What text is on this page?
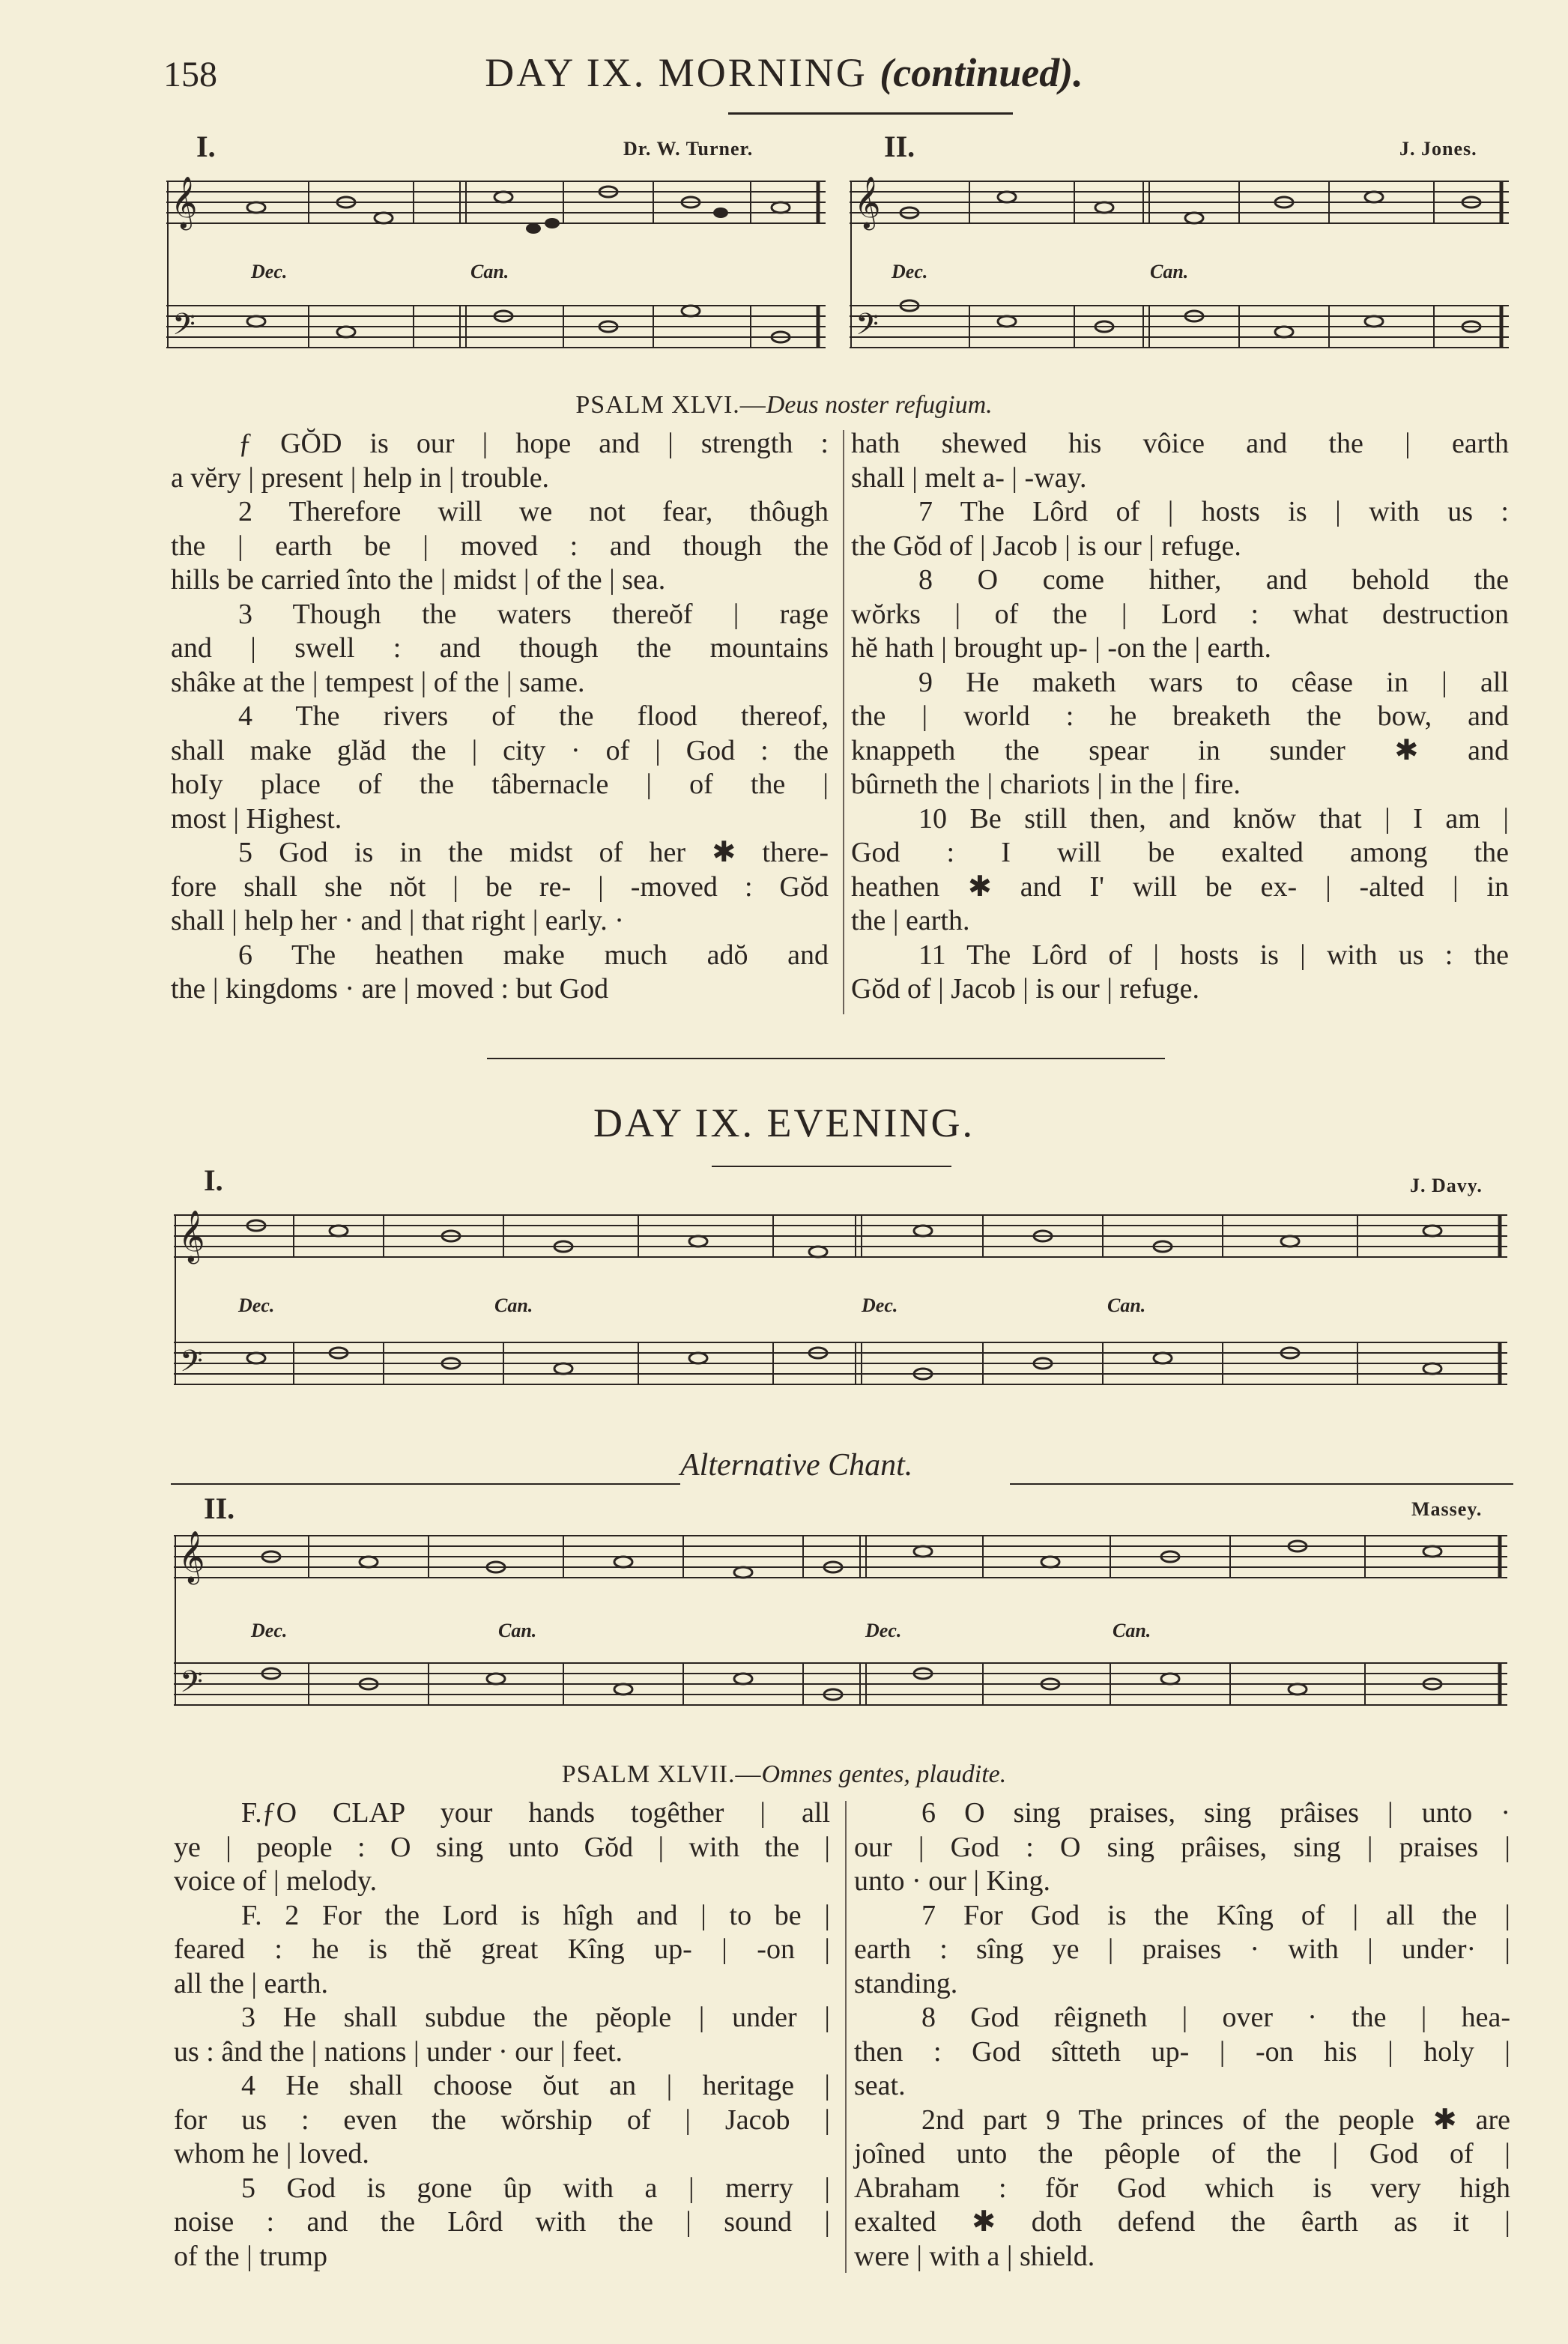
158	DAY IX. MORNING (continued).
I.	Dr. W. Turner.
Dec.	Can.
𝄞
𝄢
II.	J. Jones.
Dec.	Can.
𝄞
𝄢
PSALM XLVI.—Deus noster refugium.

ƒ GŎD is our | hope and | strength :

a vĕry | present | help in | trouble.

2 Therefore will we not fear, thôugh

the | earth be | moved : and though the

hills be carried înto the | midst | of the | sea.

3 Though the waters thereŏf | rage

and | swell : and though the mountains

shâke at the | tempest | of the | same.

4 The rivers of the flood thereof,

shall make glăd the | city · of | God : the

hoIy place of the tâbernacle | of the |

most | Highest.

5 God is in the midst of her ✱ there-

fore shall she nŏt | be re- | -moved : Gŏd

shall | help her · and | that right | early. ·

6 The heathen make much adŏ and

the | kingdoms · are | moved : but God

hath shewed his vôice and the | earth

shall | melt a- | -way.

7 The Lôrd of | hosts is | with us :

the Gŏd of | Jacob | is our | refuge.

8 O come hither, and behold the

wŏrks | of the | Lord : what destruction

hĕ hath | brought up- | -on the | earth.

9 He maketh wars to cêase in | all

the | world : he breaketh the bow, and

knappeth the spear in sunder ✱ and

bûrneth the | chariots | in the | fire.

10 Be still then, and knŏw that | I am |

God : I will be exalted among the

heathen ✱ and I' will be ex- | -alted | in

the | earth.

11 The Lôrd of | hosts is | with us : the

Gŏd of | Jacob | is our | refuge.

DAY IX. EVENING.
I.	J. Davy.
Dec.	Can.	Dec.	Can.
𝄞
𝄢
Alternative Chant.
II.	Massey.
Dec.	Can.	Dec.	Can.
𝄞
𝄢
PSALM XLVII.—Omnes gentes, plaudite.

F.ƒO CLAP your hands togêther | all

ye | people : O sing unto Gŏd | with the |

voice of | melody.

F. 2 For the Lord is hîgh and | to be |

feared : he is thĕ great Kîng up- | -on |

all the | earth.

3 He shall subdue the pĕople | under |

us : ând the | nations | under · our | feet.

4 He shall choose ŏut an | heritage |

for us : even the wŏrship of | Jacob |

whom he | loved.

5 God is gone ûp with a | merry |

noise : and the Lôrd with the | sound |

of the | trump

6 O sing praises, sing prâises | unto ·

our | God : O sing prâises, sing | praises |

unto · our | King.

7 For God is the Kîng of | all the |

earth : sîng ye | praises · with | under· |

standing.

8 God rêigneth | over · the | hea-

then : God sîtteth up- | -on his | holy |

seat.

2nd part 9 The princes of the people ✱ are

joîned unto the pêople of the | God of |

Abraham : fŏr God which is very high

exalted ✱ doth defend the êarth as it |

were | with a | shield.
